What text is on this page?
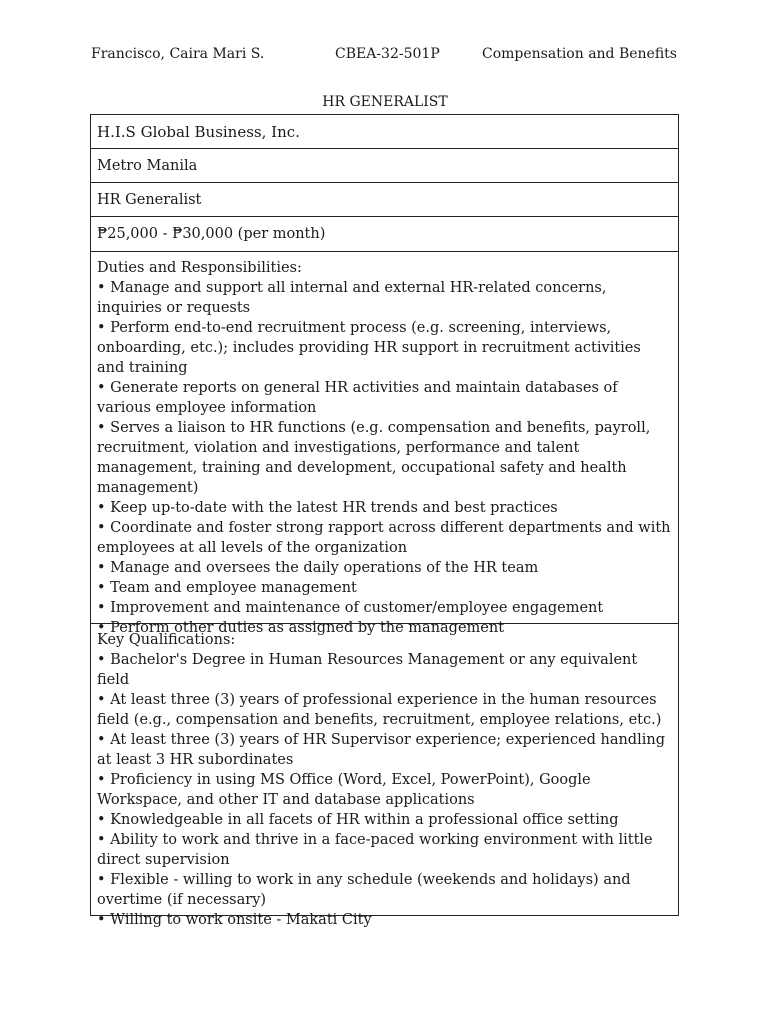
Francisco, Caira Mari S.	CBEA-32-501P	Compensation and Benefits
HR GENERALIST
H.I.S Global Business, Inc.
Metro Manila
HR Generalist
₱25,000 - ₱30,000 (per month)
Duties and Responsibilities:
• Manage and support all internal and external HR-related concerns, inquiries or requests
• Perform end-to-end recruitment process (e.g. screening, interviews, onboarding, etc.); includes providing HR support in recruitment activities and training
• Generate reports on general HR activities and maintain databases of various employee information
• Serves a liaison to HR functions (e.g. compensation and benefits, payroll, recruitment, violation and investigations, performance and talent management, training and development, occupational safety and health management)
• Keep up-to-date with the latest HR trends and best practices
• Coordinate and foster strong rapport across different departments and with employees at all levels of the organization
• Manage and oversees the daily operations of the HR team
• Team and employee management
• Improvement and maintenance of customer/employee engagement
• Perform other duties as assigned by the management
Key Qualifications:
• Bachelor's Degree in Human Resources Management or any equivalent field
• At least three (3) years of professional experience in the human resources field (e.g., compensation and benefits, recruitment, employee relations, etc.)
• At least three (3) years of HR Supervisor experience; experienced handling at least 3 HR subordinates
• Proficiency in using MS Office (Word, Excel, PowerPoint), Google Workspace, and other IT and database applications
• Knowledgeable in all facets of HR within a professional office setting
• Ability to work and thrive in a face-paced working environment with little direct supervision
• Flexible - willing to work in any schedule (weekends and holidays) and overtime (if necessary)
• Willing to work onsite - Makati City
